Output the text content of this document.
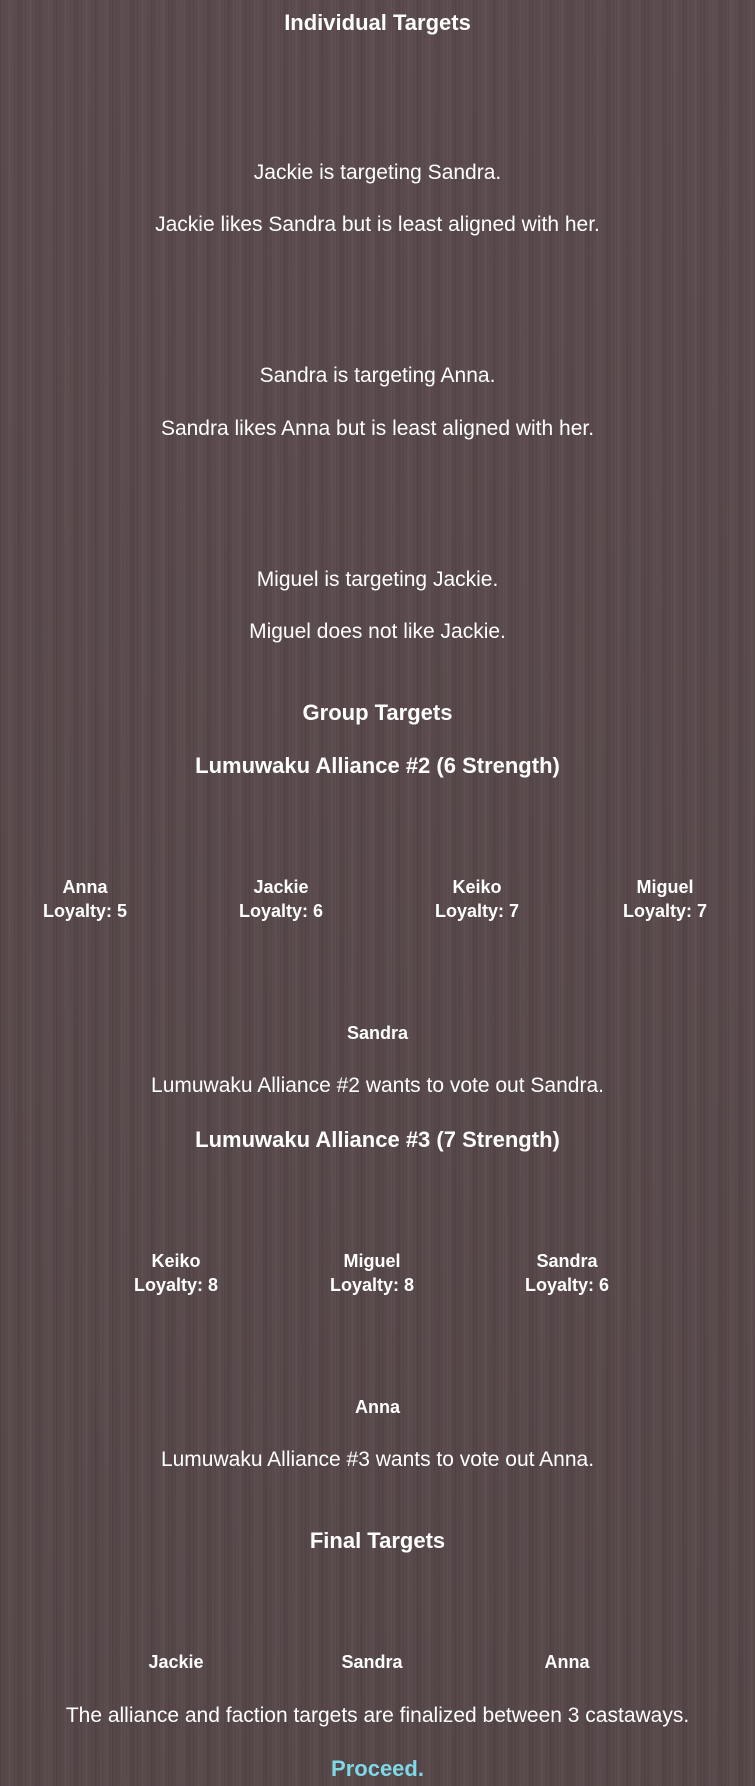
Individual Targets
Jackie is targeting Sandra.
Jackie likes Sandra but is least aligned with her.
Sandra is targeting Anna.
Sandra likes Anna but is least aligned with her.
Miguel is targeting Jackie.
Miguel does not like Jackie.
Group Targets
Lumuwaku Alliance #2 (6 Strength)
Anna
Loyalty: 5
Jackie
Loyalty: 6
Keiko
Loyalty: 7
Miguel
Loyalty: 7
Sandra
Lumuwaku Alliance #2 wants to vote out Sandra.
Lumuwaku Alliance #3 (7 Strength)
Keiko
Loyalty: 8
Miguel
Loyalty: 8
Sandra
Loyalty: 6
Anna
Lumuwaku Alliance #3 wants to vote out Anna.
Final Targets
Jackie	Sandra	Anna
The alliance and faction targets are finalized between 3 castaways.
Proceed.
